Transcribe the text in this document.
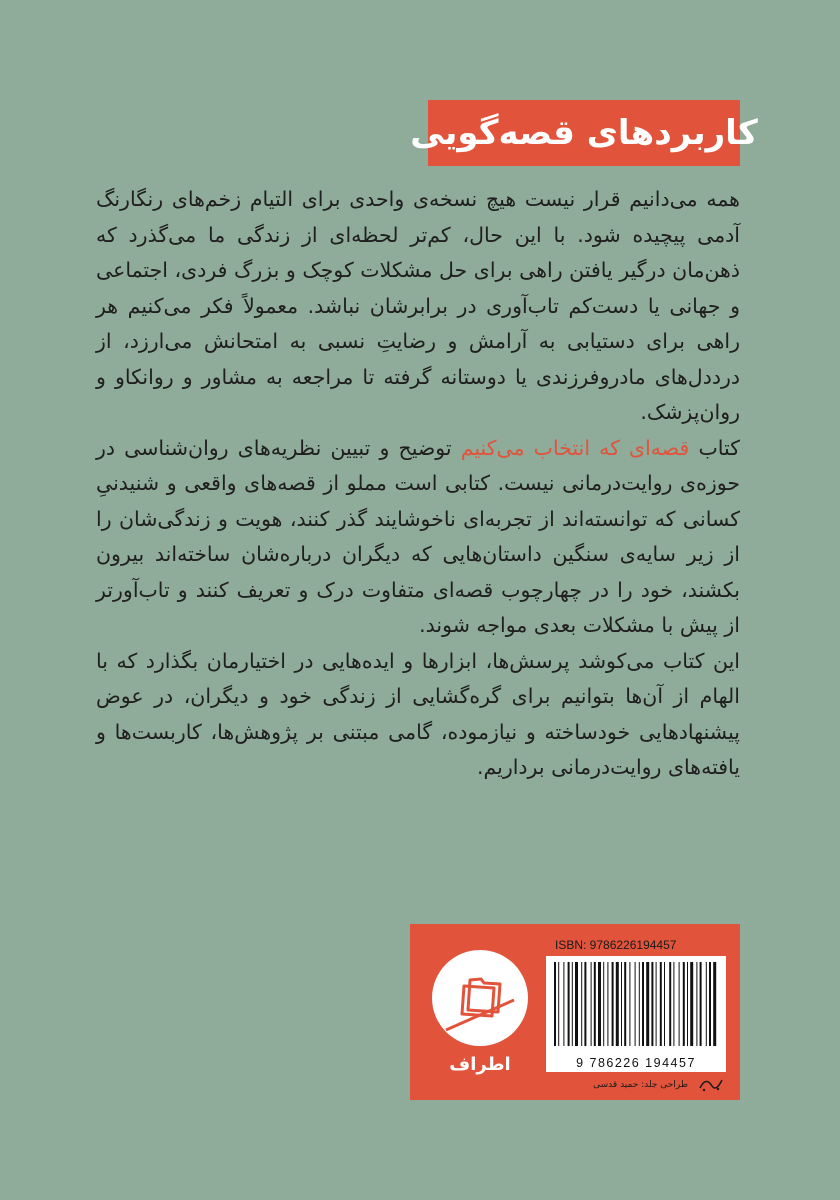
کاربردهای قصه‌گویی

همه می‌دانیم قرار نیست هیچ نسخه‌ی واحدی برای التیام زخم‌های رنگارنگ آدمی پیچیده شود. با این حال، کم‌تر لحظه‌ای از زندگی ما می‌گذرد که ذهن‌مان درگیر یافتن راهی برای حل مشکلات کوچک و بزرگ فردی، اجتماعی و جهانی یا دست‌کم تاب‌آوری در برابرشان نباشد. معمولاً فکر می‌کنیم هر راهی برای دستیابی به آرامش و رضایتِ نسبی به امتحانش می‌ارزد، از درددل‌های مادروفرزندی یا دوستانه گرفته تا مراجعه به مشاور و روانکاو و روان‌پزشک.

کتاب قصه‌ای که انتخاب می‌کنیم توضیح و تبیین نظریه‌های روان‌شناسی در حوزه‌ی روایت‌درمانی نیست. کتابی است مملو از قصه‌های واقعی و شنیدنیِ کسانی که توانسته‌اند از تجربه‌ای ناخوشایند گذر کنند، هویت و زندگی‌شان را از زیر سایه‌ی سنگین داستان‌هایی که دیگران درباره‌شان ساخته‌اند بیرون بکشند، خود را در چهارچوب قصه‌ای متفاوت درک و تعریف کنند و تاب‌آورتر از پیش با مشکلات بعدی مواجه شوند.

این کتاب می‌کوشد پرسش‌ها، ابزارها و ایده‌هایی در اختیارمان بگذارد که با الهام از آن‌ها بتوانیم برای گره‌گشایی از زندگی خود و دیگران، در عوض پیشنهادهایی خودساخته و نیازموده، گامی مبتنی بر پژوهش‌ها، کاربست‌ها و یافته‌های روایت‌درمانی برداریم.

اطراف
ISBN: 9786226194457
9 786226 194457
طراحی جلد: حمید قدسی
